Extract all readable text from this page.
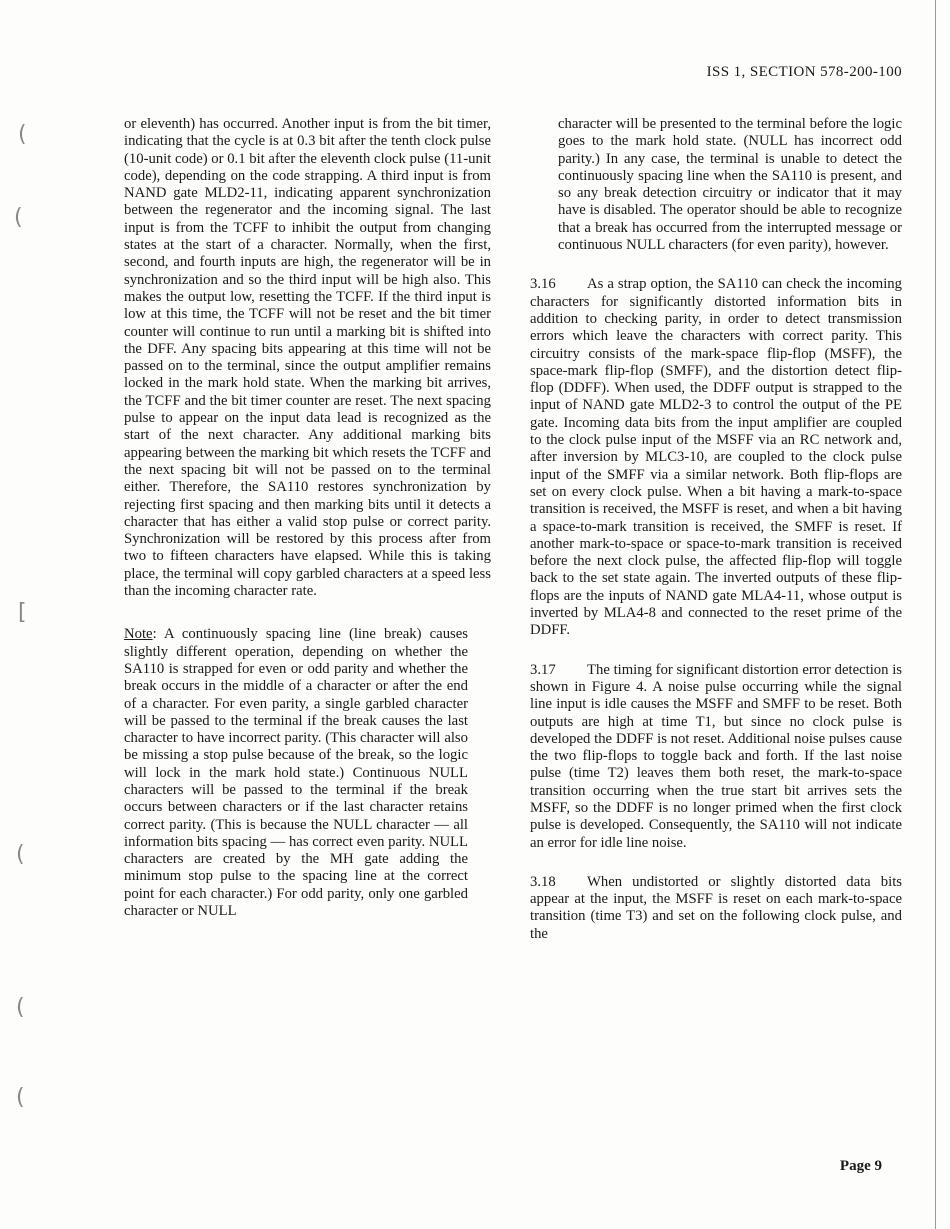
ISS 1, SECTION 578-200-100

or eleventh) has occurred. Another input is from the bit timer, indicating that the cycle is at 0.3 bit after the tenth clock pulse (10-unit code) or 0.1 bit after the eleventh clock pulse (11-unit code), depending on the code strapping. A third input is from NAND gate MLD2-11, indicating apparent synchronization between the regenerator and the incoming signal. The last input is from the TCFF to inhibit the output from changing states at the start of a character. Normally, when the first, second, and fourth inputs are high, the regenerator will be in synchronization and so the third input will be high also. This makes the output low, resetting the TCFF. If the third input is low at this time, the TCFF will not be reset and the bit timer counter will continue to run until a marking bit is shifted into the DFF. Any spacing bits appearing at this time will not be passed on to the terminal, since the output amplifier remains locked in the mark hold state. When the marking bit arrives, the TCFF and the bit timer counter are reset. The next spacing pulse to appear on the input data lead is recognized as the start of the next character. Any additional marking bits appearing between the marking bit which resets the TCFF and the next spacing bit will not be passed on to the terminal either. Therefore, the SA110 restores synchronization by rejecting first spacing and then marking bits until it detects a character that has either a valid stop pulse or correct parity. Synchronization will be restored by this process after from two to fifteen characters have elapsed. While this is taking place, the terminal will copy garbled characters at a speed less than the incoming character rate.

Note: A continuously spacing line (line break) causes slightly different operation, depending on whether the SA110 is strapped for even or odd parity and whether the break occurs in the middle of a character or after the end of a character. For even parity, a single garbled character will be passed to the terminal if the break causes the last character to have incorrect parity. (This character will also be missing a stop pulse because of the break, so the logic will lock in the mark hold state.) Continuous NULL characters will be passed to the terminal if the break occurs between characters or if the last character retains correct parity. (This is because the NULL character — all information bits spacing — has correct even parity. NULL characters are created by the MH gate adding the minimum stop pulse to the spacing line at the correct point for each character.) For odd parity, only one garbled character or NULL

character will be presented to the terminal before the logic goes to the mark hold state. (NULL has incorrect odd parity.) In any case, the terminal is unable to detect the continuously spacing line when the SA110 is present, and so any break detection circuitry or indicator that it may have is disabled. The operator should be able to recognize that a break has occurred from the interrupted message or continuous NULL characters (for even parity), however.

3.16 As a strap option, the SA110 can check the incoming characters for significantly distorted information bits in addition to checking parity, in order to detect transmission errors which leave the characters with correct parity. This circuitry consists of the mark-space flip-flop (MSFF), the space-mark flip-flop (SMFF), and the distortion detect flip-flop (DDFF). When used, the DDFF output is strapped to the input of NAND gate MLD2-3 to control the output of the PE gate. Incoming data bits from the input amplifier are coupled to the clock pulse input of the MSFF via an RC network and, after inversion by MLC3-10, are coupled to the clock pulse input of the SMFF via a similar network. Both flip-flops are set on every clock pulse. When a bit having a mark-to-space transition is received, the MSFF is reset, and when a bit having a space-to-mark transition is received, the SMFF is reset. If another mark-to-space or space-to-mark transition is received before the next clock pulse, the affected flip-flop will toggle back to the set state again. The inverted outputs of these flip-flops are the inputs of NAND gate MLA4-11, whose output is inverted by MLA4-8 and connected to the reset prime of the DDFF.

3.17 The timing for significant distortion error detection is shown in Figure 4. A noise pulse occurring while the signal line input is idle causes the MSFF and SMFF to be reset. Both outputs are high at time T1, but since no clock pulse is developed the DDFF is not reset. Additional noise pulses cause the two flip-flops to toggle back and forth. If the last noise pulse (time T2) leaves them both reset, the mark-to-space transition occurring when the true start bit arrives sets the MSFF, so the DDFF is no longer primed when the first clock pulse is developed. Consequently, the SA110 will not indicate an error for idle line noise.

3.18 When undistorted or slightly distorted data bits appear at the input, the MSFF is reset on each mark-to-space transition (time T3) and set on the following clock pulse, and the

Page 9
(
(
[
(
(
(
